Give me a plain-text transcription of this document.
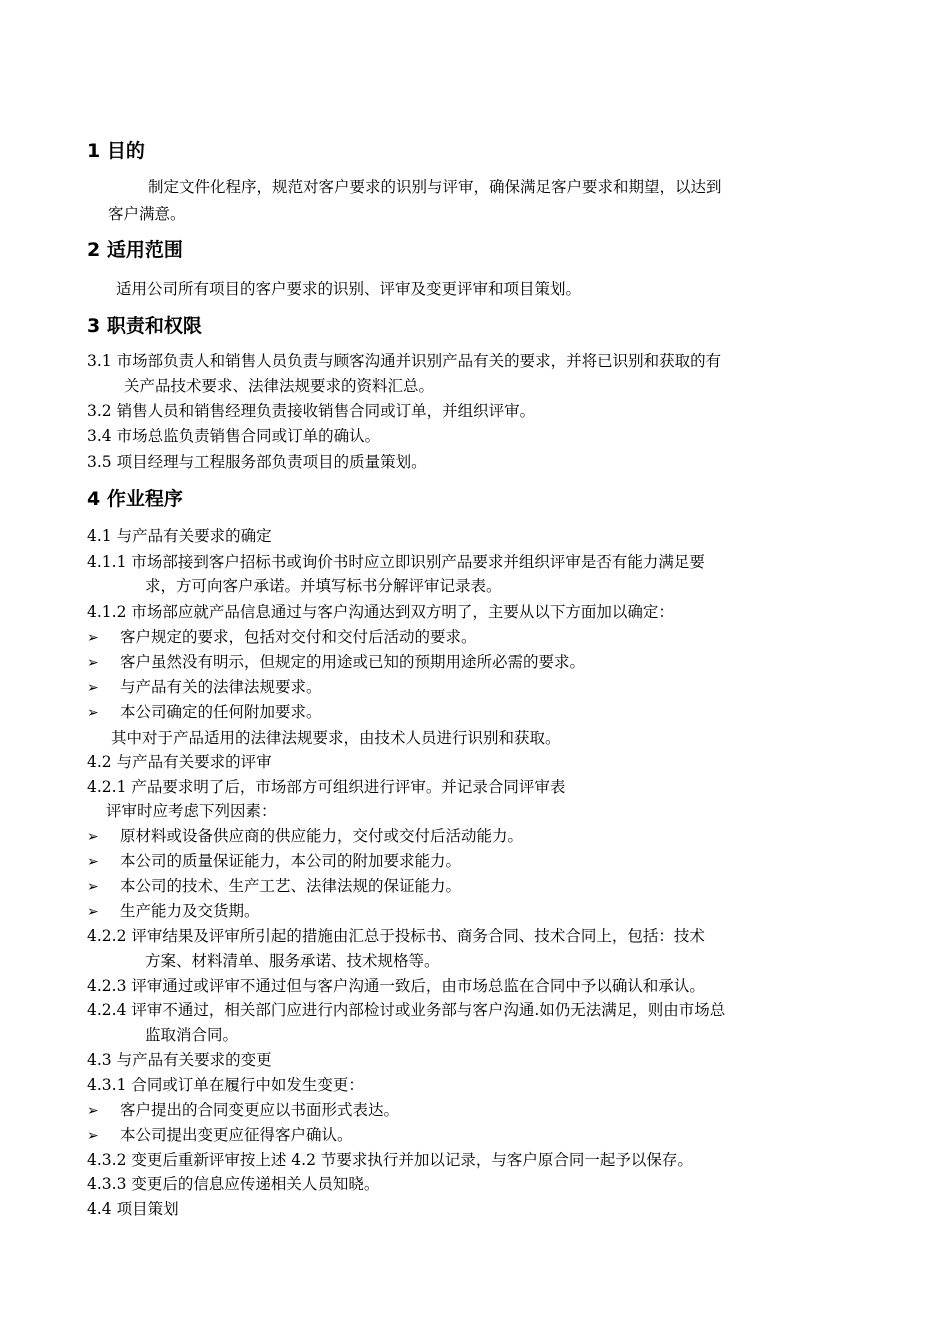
1 目的
制定文件化程序，规范对客户要求的识别与评审，确保满足客户要求和期望，以达到
客户满意。
2 适用范围
适用公司所有项目的客户要求的识别、评审及变更评审和项目策划。
3 职责和权限
3.1 市场部负责人和销售人员负责与顾客沟通并识别产品有关的要求，并将已识别和获取的有
关产品技术要求、法律法规要求的资料汇总。
3.2 销售人员和销售经理负责接收销售合同或订单，并组织评审。
3.4 市场总监负责销售合同或订单的确认。
3.5 项目经理与工程服务部负责项目的质量策划。
4 作业程序
4.1 与产品有关要求的确定
4.1.1 市场部接到客户招标书或询价书时应立即识别产品要求并组织评审是否有能力满足要
求，方可向客户承诺。并填写标书分解评审记录表。
4.1.2 市场部应就产品信息通过与客户沟通达到双方明了，主要从以下方面加以确定：
➢ 客户规定的要求，包括对交付和交付后活动的要求。
➢ 客户虽然没有明示，但规定的用途或已知的预期用途所必需的要求。
➢ 与产品有关的法律法规要求。
➢ 本公司确定的任何附加要求。
其中对于产品适用的法律法规要求，由技术人员进行识别和获取。
4.2 与产品有关要求的评审
4.2.1 产品要求明了后，市场部方可组织进行评审。并记录合同评审表
评审时应考虑下列因素：
➢ 原材料或设备供应商的供应能力，交付或交付后活动能力。
➢ 本公司的质量保证能力，本公司的附加要求能力。
➢ 本公司的技术、生产工艺、法律法规的保证能力。
➢ 生产能力及交货期。
4.2.2 评审结果及评审所引起的措施由汇总于投标书、商务合同、技术合同上，包括：技术
方案、材料清单、服务承诺、技术规格等。
4.2.3 评审通过或评审不通过但与客户沟通一致后，由市场总监在合同中予以确认和承认。
4.2.4 评审不通过，相关部门应进行内部检讨或业务部与客户沟通.如仍无法满足，则由市场总
监取消合同。
4.3 与产品有关要求的变更
4.3.1 合同或订单在履行中如发生变更：
➢ 客户提出的合同变更应以书面形式表达。
➢ 本公司提出变更应征得客户确认。
4.3.2 变更后重新评审按上述 4.2 节要求执行并加以记录，与客户原合同一起予以保存。
4.3.3 变更后的信息应传递相关人员知晓。
4.4 项目策划
